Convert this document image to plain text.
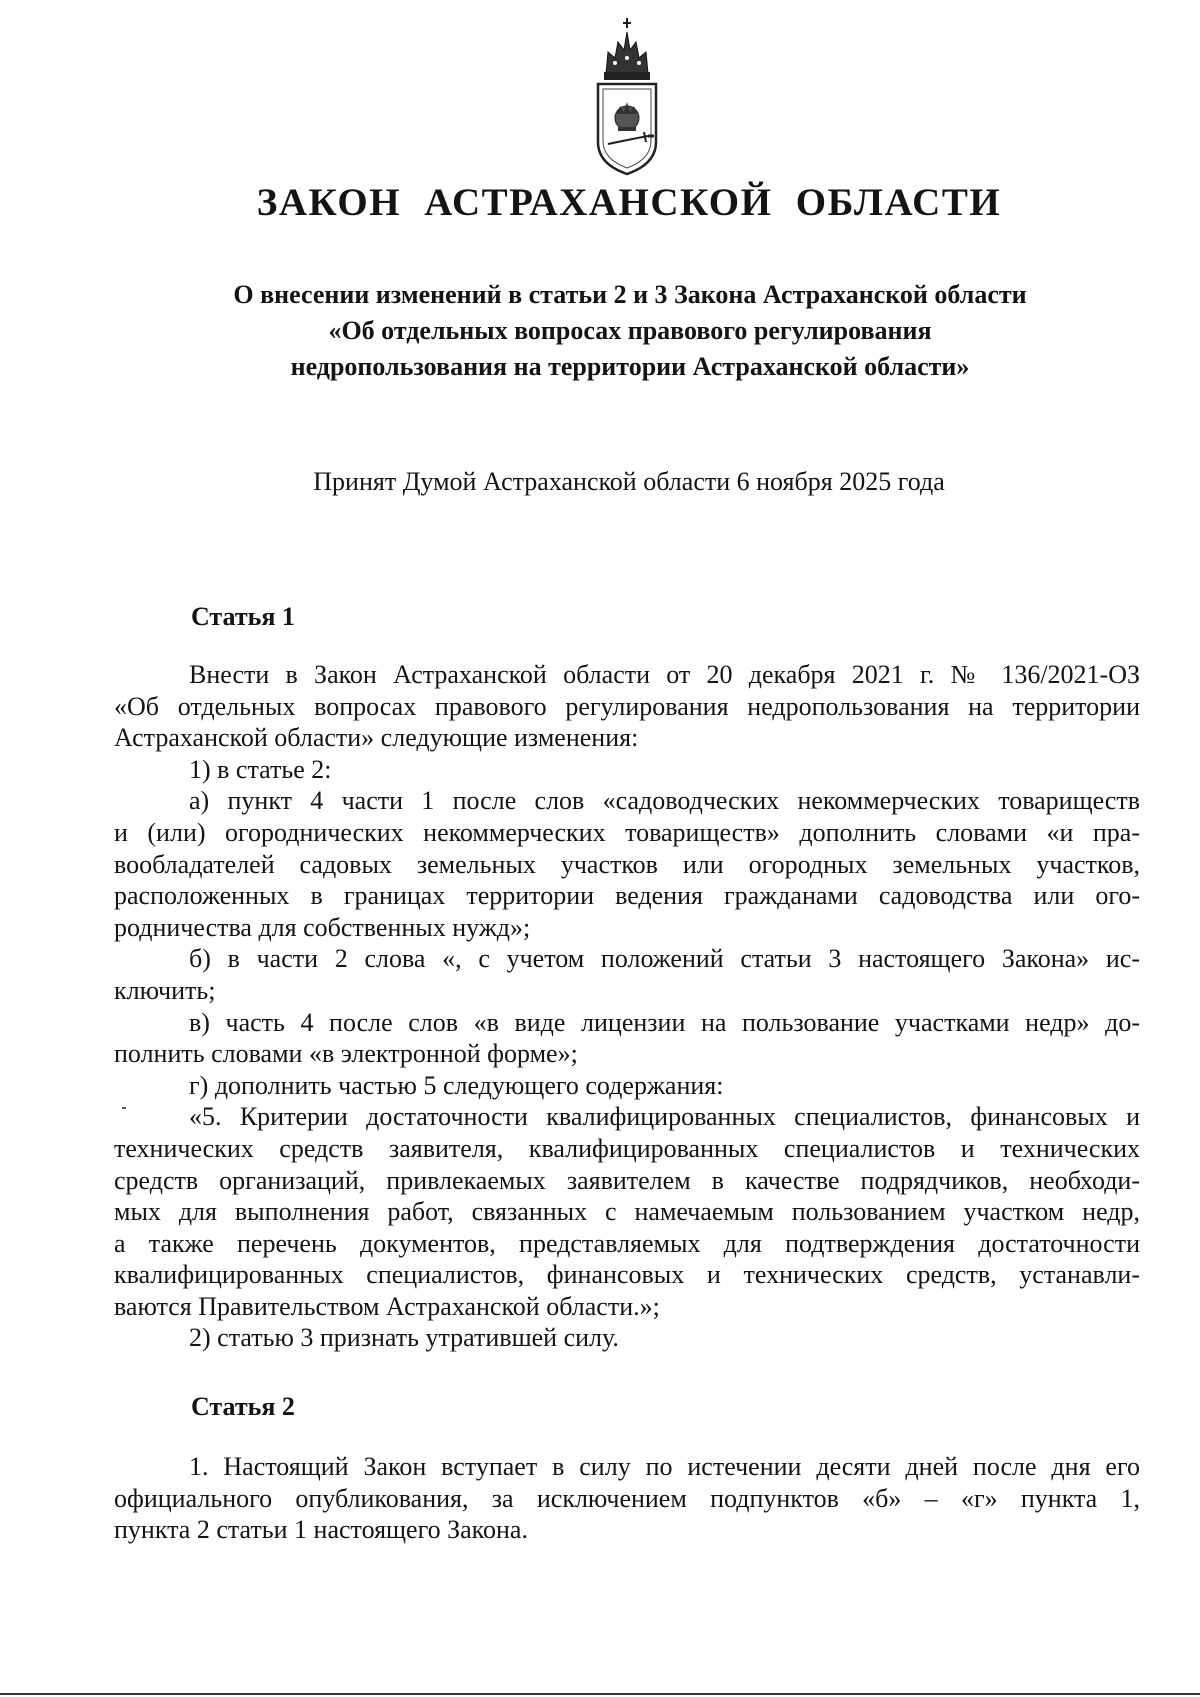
ЗАКОН АСТРАХАНСКОЙ ОБЛАСТИ
О внесении изменений в статьи 2 и 3 Закона Астраханской области
«Об отдельных вопросах правового регулирования
недропользования на территории Астраханской области»

Принят Думой Астраханской области 6 ноября 2025 года

Статья 1

Внести в Закон Астраханской области от 20 декабря 2021 г. № 136/2021-ОЗ
«Об отдельных вопросах правового регулирования недропользования на территории
Астраханской области» следующие изменения:
1) в статье 2:
а) пункт 4 части 1 после слов «садоводческих некоммерческих товариществ
и (или) огороднических некоммерческих товариществ» дополнить словами «и пра-
вообладателей садовых земельных участков или огородных земельных участков,
расположенных в границах территории ведения гражданами садоводства или ого-
родничества для собственных нужд»;
б) в части 2 слова «, с учетом положений статьи 3 настоящего Закона» ис-
ключить;
в) часть 4 после слов «в виде лицензии на пользование участками недр» до-
полнить словами «в электронной форме»;
г) дополнить частью 5 следующего содержания:
«5. Критерии достаточности квалифицированных специалистов, финансовых и
технических средств заявителя, квалифицированных специалистов и технических
средств организаций, привлекаемых заявителем в качестве подрядчиков, необходи-
мых для выполнения работ, связанных с намечаемым пользованием участком недр,
а также перечень документов, представляемых для подтверждения достаточности
квалифицированных специалистов, финансовых и технических средств, устанавли-
ваются Правительством Астраханской области.»;
2) статью 3 признать утратившей силу.

Статья 2

1. Настоящий Закон вступает в силу по истечении десяти дней после дня его
официального опубликования, за исключением подпунктов «б» – «г» пункта 1,
пункта 2 статьи 1 настоящего Закона.
